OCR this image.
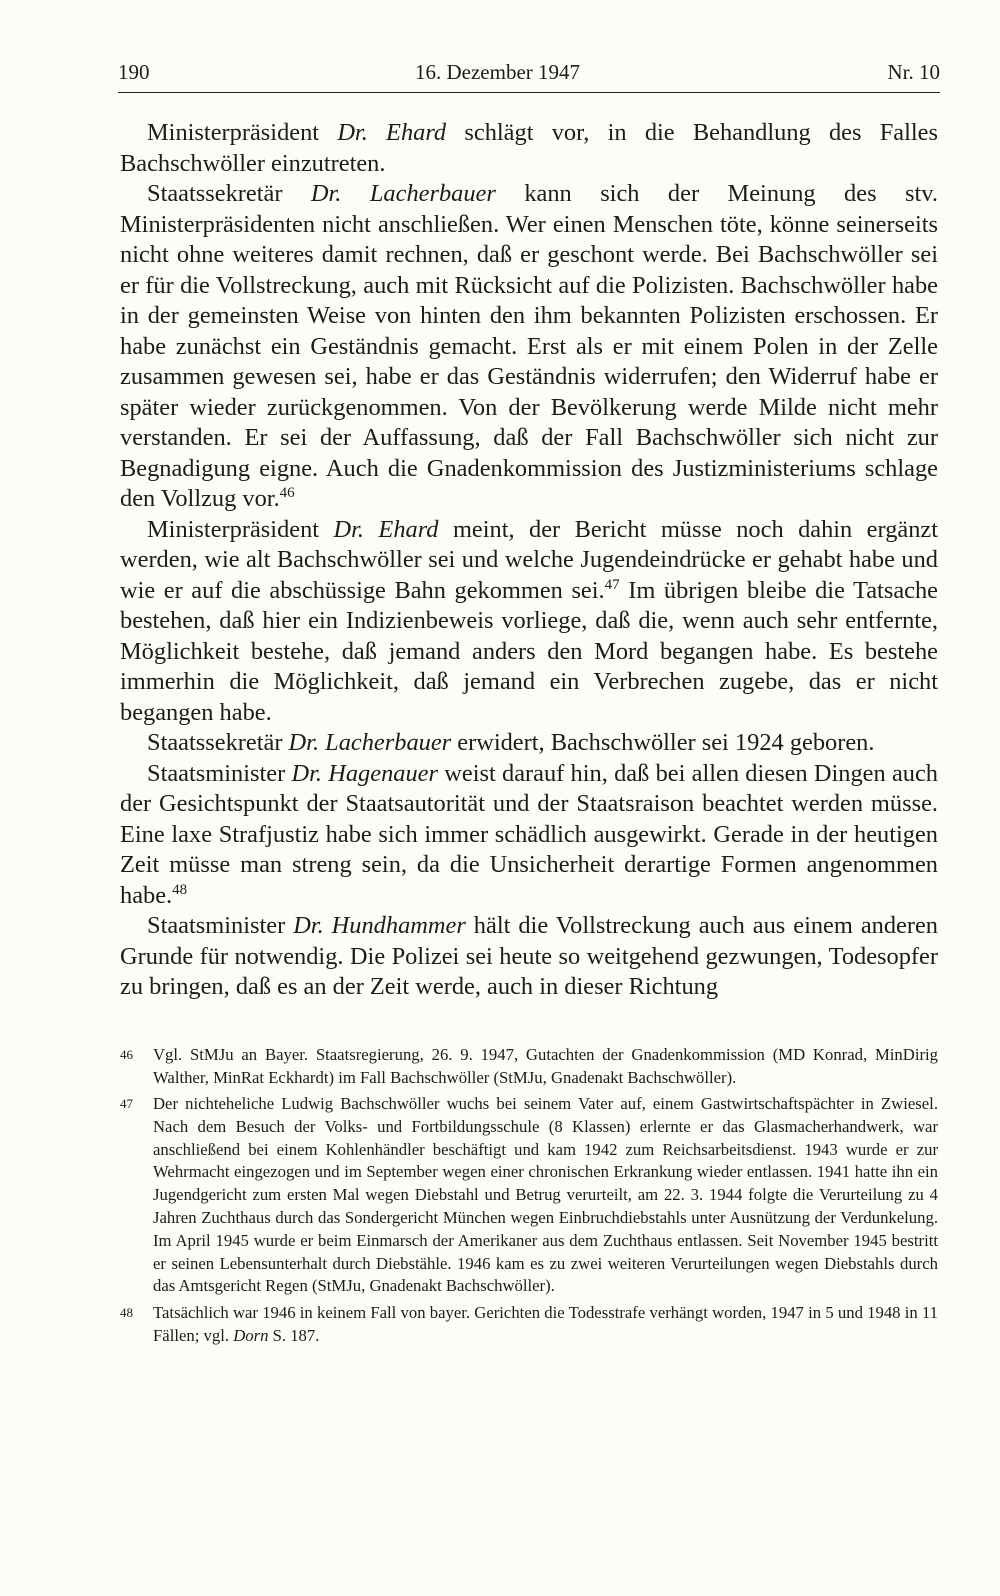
190	16. Dezember 1947	Nr. 10

Ministerpräsident Dr. Ehard schlägt vor, in die Behandlung des Falles Bachschwöller einzutreten.

Staatssekretär Dr. Lacherbauer kann sich der Meinung des stv. Ministerpräsidenten nicht anschließen. Wer einen Menschen töte, könne seinerseits nicht ohne weiteres damit rechnen, daß er geschont werde. Bei Bachschwöller sei er für die Vollstreckung, auch mit Rücksicht auf die Polizisten. Bachschwöller habe in der gemeinsten Weise von hinten den ihm bekannten Polizisten erschossen. Er habe zunächst ein Geständnis gemacht. Erst als er mit einem Polen in der Zelle zusammen gewesen sei, habe er das Geständnis widerrufen; den Widerruf habe er später wieder zurückgenommen. Von der Bevölkerung werde Milde nicht mehr verstanden. Er sei der Auffassung, daß der Fall Bachschwöller sich nicht zur Begnadigung eigne. Auch die Gnadenkommission des Justizministeriums schlage den Vollzug vor.$^{46}$

Ministerpräsident Dr. Ehard meint, der Bericht müsse noch dahin ergänzt werden, wie alt Bachschwöller sei und welche Jugendeindrücke er gehabt habe und wie er auf die abschüssige Bahn gekommen sei.$^{47}$ Im übrigen bleibe die Tatsache bestehen, daß hier ein Indizienbeweis vorliege, daß die, wenn auch sehr entfernte, Möglichkeit bestehe, daß jemand anders den Mord begangen habe. Es bestehe immerhin die Möglichkeit, daß jemand ein Verbrechen zugebe, das er nicht begangen habe.

Staatssekretär Dr. Lacherbauer erwidert, Bachschwöller sei 1924 geboren.

Staatsminister Dr. Hagenauer weist darauf hin, daß bei allen diesen Dingen auch der Gesichtspunkt der Staatsautorität und der Staatsraison beachtet werden müsse. Eine laxe Strafjustiz habe sich immer schädlich ausgewirkt. Gerade in der heutigen Zeit müsse man streng sein, da die Unsicherheit derartige Formen angenommen habe.$^{48}$

Staatsminister Dr. Hundhammer hält die Vollstreckung auch aus einem anderen Grunde für notwendig. Die Polizei sei heute so weitgehend gezwungen, Todesopfer zu bringen, daß es an der Zeit werde, auch in dieser Richtung

46 Vgl. StMJu an Bayer. Staatsregierung, 26. 9. 1947, Gutachten der Gnadenkommission (MD Konrad, MinDirig Walther, MinRat Eckhardt) im Fall Bachschwöller (StMJu, Gnadenakt Bachschwöller).

47 Der nichteheliche Ludwig Bachschwöller wuchs bei seinem Vater auf, einem Gastwirtschaftspächter in Zwiesel. Nach dem Besuch der Volks- und Fortbildungsschule (8 Klassen) erlernte er das Glasmacherhandwerk, war anschließend bei einem Kohlenhändler beschäftigt und kam 1942 zum Reichsarbeitsdienst. 1943 wurde er zur Wehrmacht eingezogen und im September wegen einer chronischen Erkrankung wieder entlassen. 1941 hatte ihn ein Jugendgericht zum ersten Mal wegen Diebstahl und Betrug verurteilt, am 22. 3. 1944 folgte die Verurteilung zu 4 Jahren Zuchthaus durch das Sondergericht München wegen Einbruchdiebstahls unter Ausnützung der Verdunkelung. Im April 1945 wurde er beim Einmarsch der Amerikaner aus dem Zuchthaus entlassen. Seit November 1945 bestritt er seinen Lebensunterhalt durch Diebstähle. 1946 kam es zu zwei weiteren Verurteilungen wegen Diebstahls durch das Amtsgericht Regen (StMJu, Gnadenakt Bachschwöller).

48 Tatsächlich war 1946 in keinem Fall von bayer. Gerichten die Todesstrafe verhängt worden, 1947 in 5 und 1948 in 11 Fällen; vgl. Dorn S. 187.
